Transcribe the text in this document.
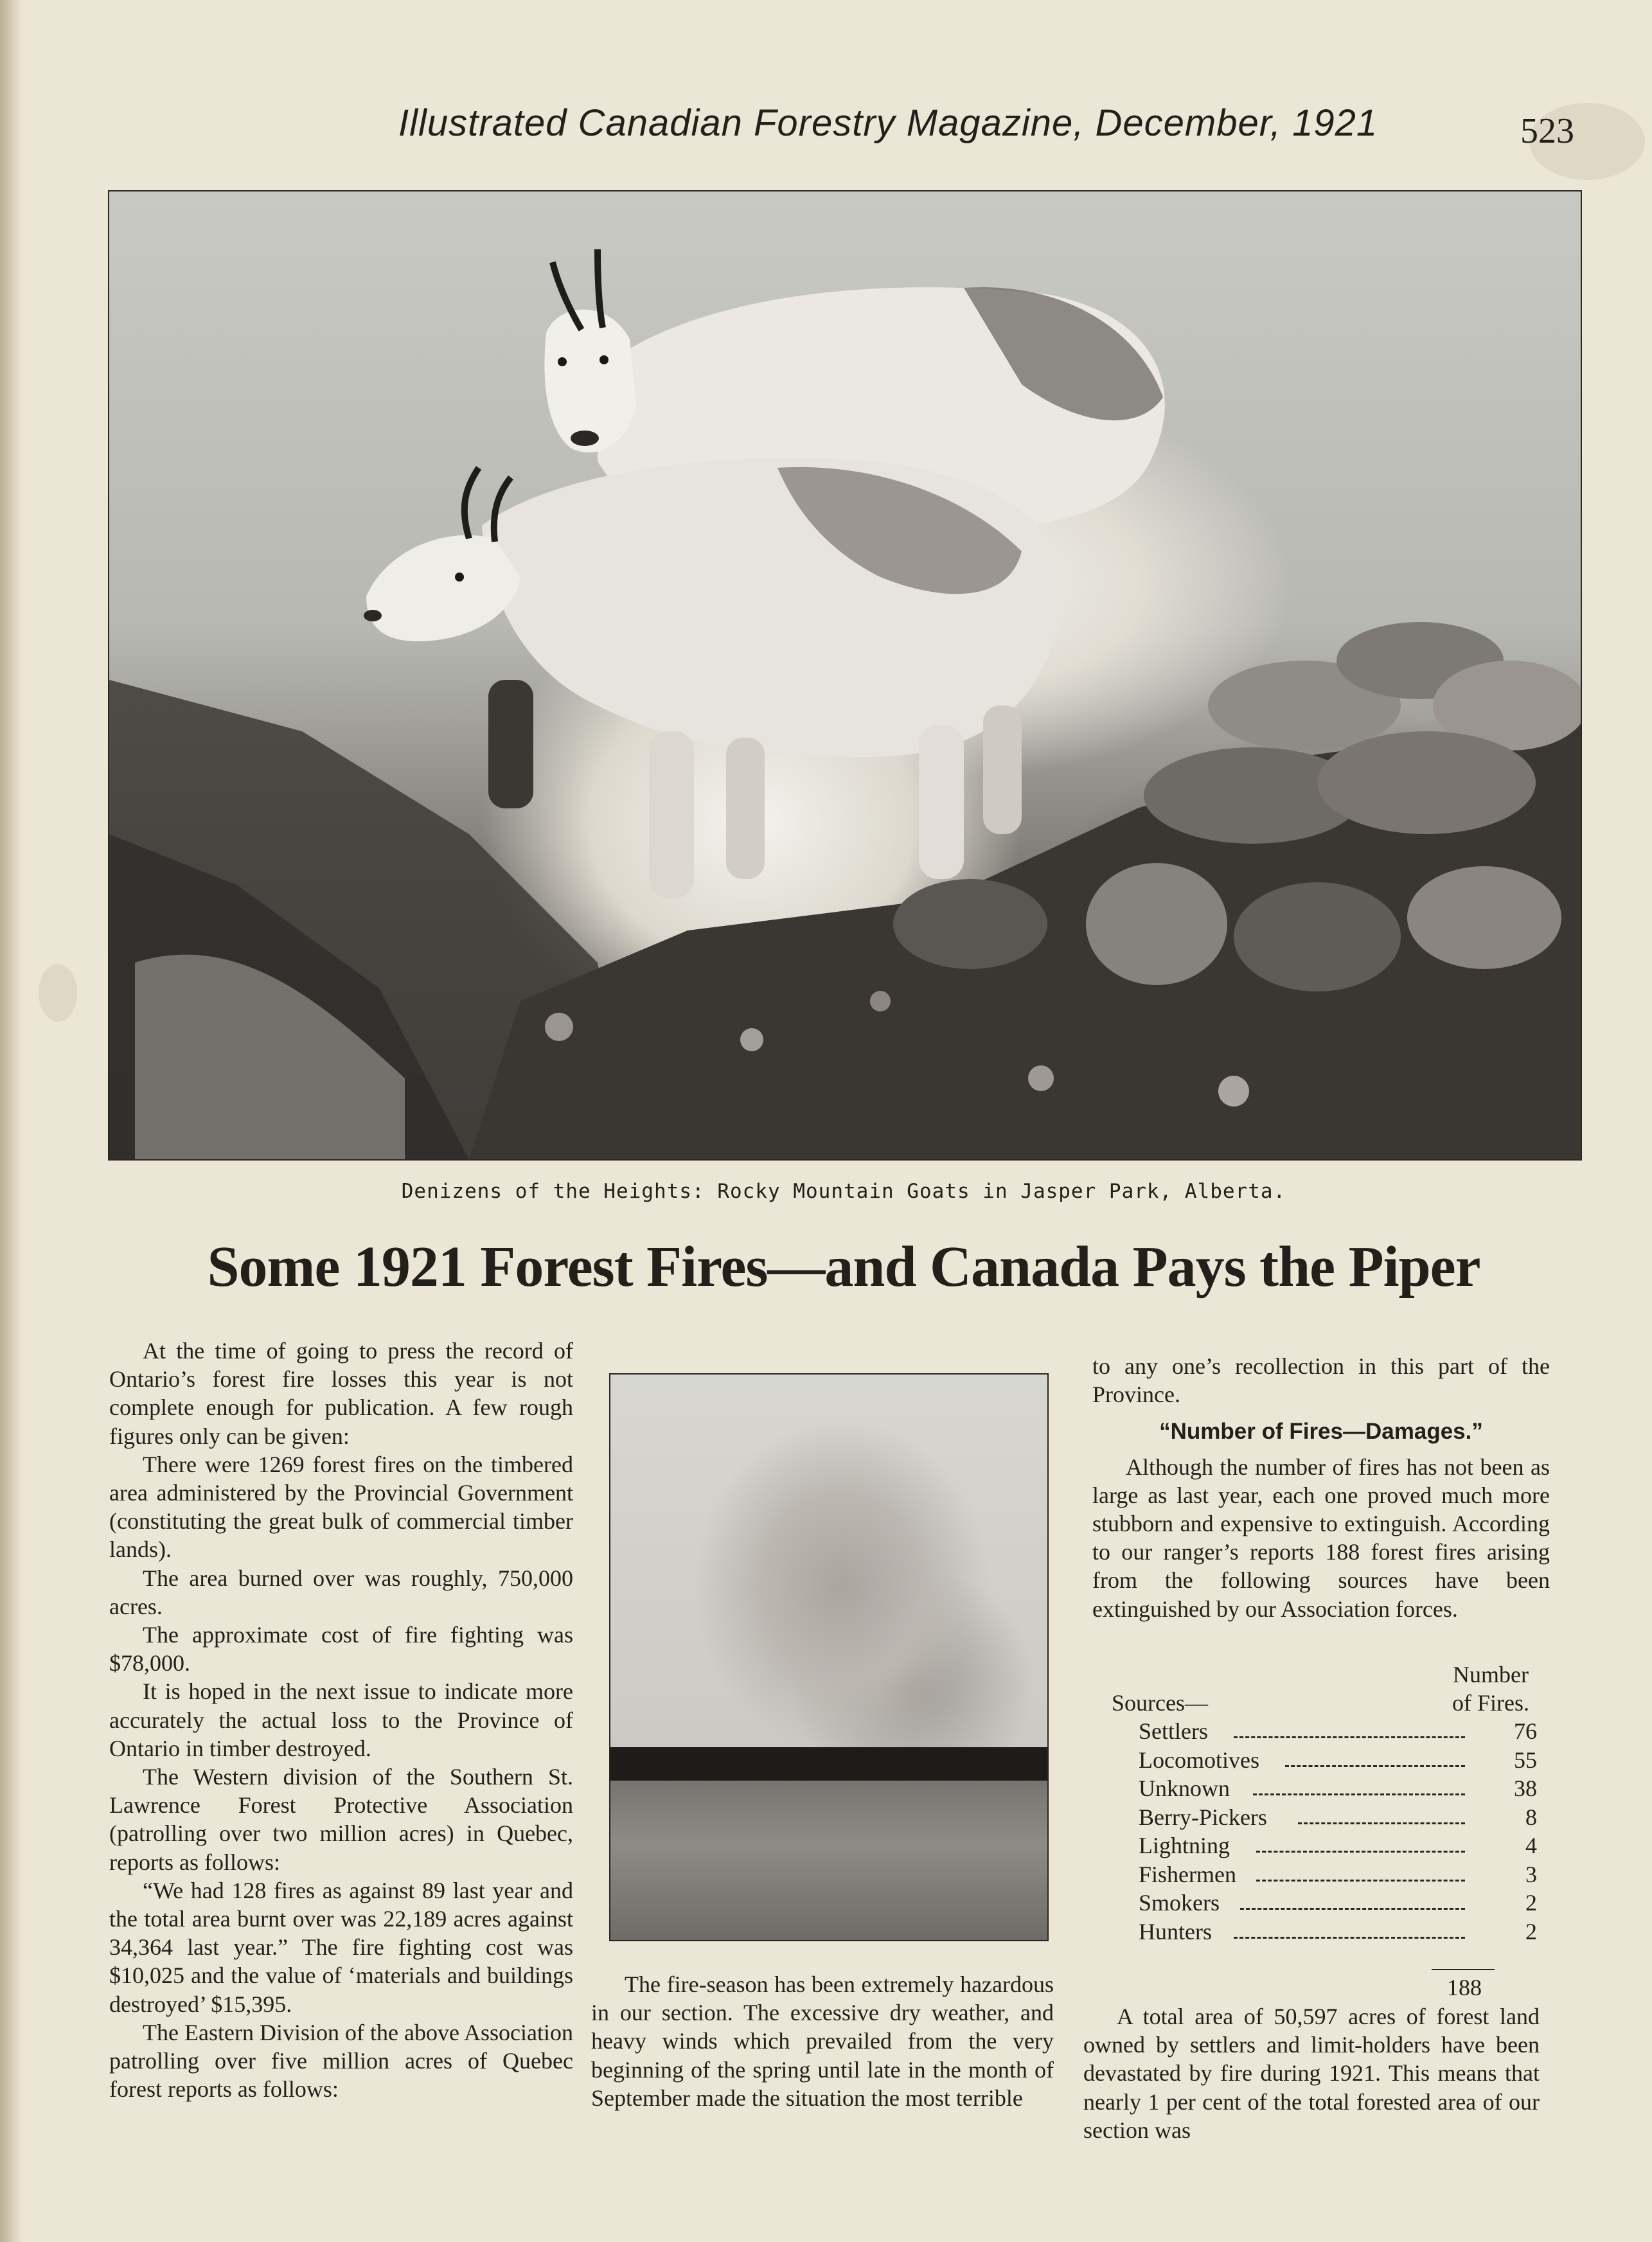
Illustrated Canadian Forestry Magazine, December, 1921	523
Denizens of the Heights: Rocky Mountain Goats in Jasper Park, Alberta.
Some 1921 Forest Fires—and Canada Pays the Piper

At the time of going to press the record of Ontario’s forest fire losses this year is not complete enough for publication. A few rough figures only can be given:

There were 1269 forest fires on the timbered area administered by the Provincial Government (constituting the great bulk of commercial timber lands).

The area burned over was roughly, 750,000 acres.

The approximate cost of fire fighting was $78,000.

It is hoped in the next issue to indicate more accurately the actual loss to the Province of Ontario in timber destroyed.

The Western division of the Southern St. Lawrence Forest Protective Association (patrolling over two million acres) in Quebec, reports as follows:

“We had 128 fires as against 89 last year and the total area burnt over was 22,189 acres against 34,364 last year.” The fire fighting cost was $10,025 and the value of ‘materials and buildings destroyed’ $15,395.

The Eastern Division of the above Association patrolling over five million acres of Quebec forest reports as follows:

The fire-season has been extremely hazardous in our section. The excessive dry weather, and heavy winds which prevailed from the very beginning of the spring until late in the month of September made the situation the most terrible

to any one’s recollection in this part of the Province.

“Number of Fires—Damages.”

Although the number of fires has not been as large as last year, each one proved much more stubborn and expensive to extinguish. According to our ranger’s reports 188 forest fires arising from the following sources have been extinguished by our Association forces.

Sources—
Number
of Fires.
Settlers	76
Locomotives	55
Unknown	38
Berry-Pickers	8
Lightning	4
Fishermen	3
Smokers	2
Hunters	2
188

A total area of 50,597 acres of forest land owned by settlers and limit-holders have been devastated by fire during 1921. This means that nearly 1 per cent of the total forested area of our section was
